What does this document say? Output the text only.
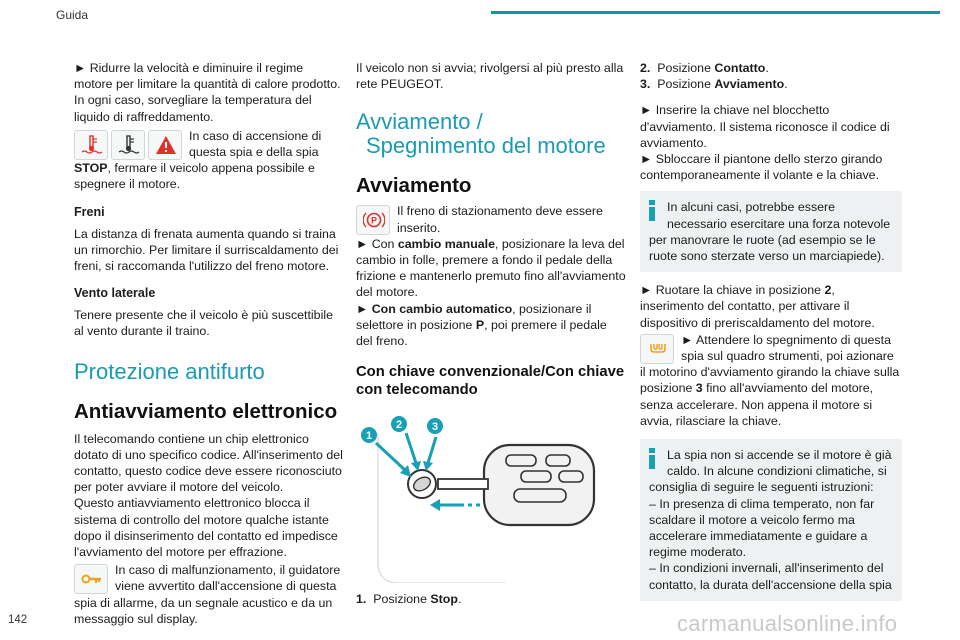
Guida
► Ridurre la velocità e diminuire il regime motore per limitare la quantità di calore prodotto. In ogni caso, sorvegliare la temperatura del liquido di raffreddamento.
In caso di accensione di questa spia e della spia STOP, fermare il veicolo appena possibile e spegnere il motore.
Freni
La distanza di frenata aumenta quando si traina un rimorchio. Per limitare il surriscaldamento dei freni, si raccomanda l'utilizzo del freno motore.
Vento laterale
Tenere presente che il veicolo è più suscettibile al vento durante il traino.
Protezione antifurto
Antiavviamento elettronico
Il telecomando contiene un chip elettronico dotato di uno specifico codice. All'inserimento del contatto, questo codice deve essere riconosciuto per poter avviare il motore del veicolo.
Questo antiavviamento elettronico blocca il sistema di controllo del motore qualche istante dopo il disinserimento del contatto ed impedisce l'avviamento del motore per effrazione.
In caso di malfunzionamento, il guidatore viene avvertito dall'accensione di questa spia di allarme, da un segnale acustico e da un messaggio sul display.
Il veicolo non si avvia; rivolgersi al più presto alla rete PEUGEOT.
Avviamento /
Spegnimento del motore
Avviamento
P
Il freno di stazionamento deve essere inserito.
► Con cambio manuale, posizionare la leva del cambio in folle, premere a fondo il pedale della frizione e mantenerlo premuto fino all'avviamento del motore.
► Con cambio automatico, posizionare il selettore in posizione P, poi premere il pedale del freno.
Con chiave convenzionale/Con chiave con telecomando
1
2	3
1. Posizione Stop.
2. Posizione Contatto.
3. Posizione Avviamento.
► Inserire la chiave nel blocchetto d'avviamento. Il sistema riconosce il codice di avviamento.
► Sbloccare il piantone dello sterzo girando contemporaneamente il volante e la chiave.
In alcuni casi, potrebbe essere necessario esercitare una forza notevole per manovrare le ruote (ad esempio se le ruote sono sterzate verso un marciapiede).
► Ruotare la chiave in posizione 2, inserimento del contatto, per attivare il dispositivo di preriscaldamento del motore.
► Attendere lo spegnimento di questa spia sul quadro strumenti, poi azionare il motorino d'avviamento girando la chiave sulla posizione 3 fino all'avviamento del motore, senza accelerare. Non appena il motore si avvia, rilasciare la chiave.
La spia non si accende se il motore è già caldo. In alcune condizioni climatiche, si consiglia di seguire le seguenti istruzioni:
– In presenza di clima temperato, non far scaldare il motore a veicolo fermo ma accelerare immediatamente e guidare a regime moderato.
– In condizioni invernali, all'inserimento del contatto, la durata dell'accensione della spia
142	carmanualsonline.info
